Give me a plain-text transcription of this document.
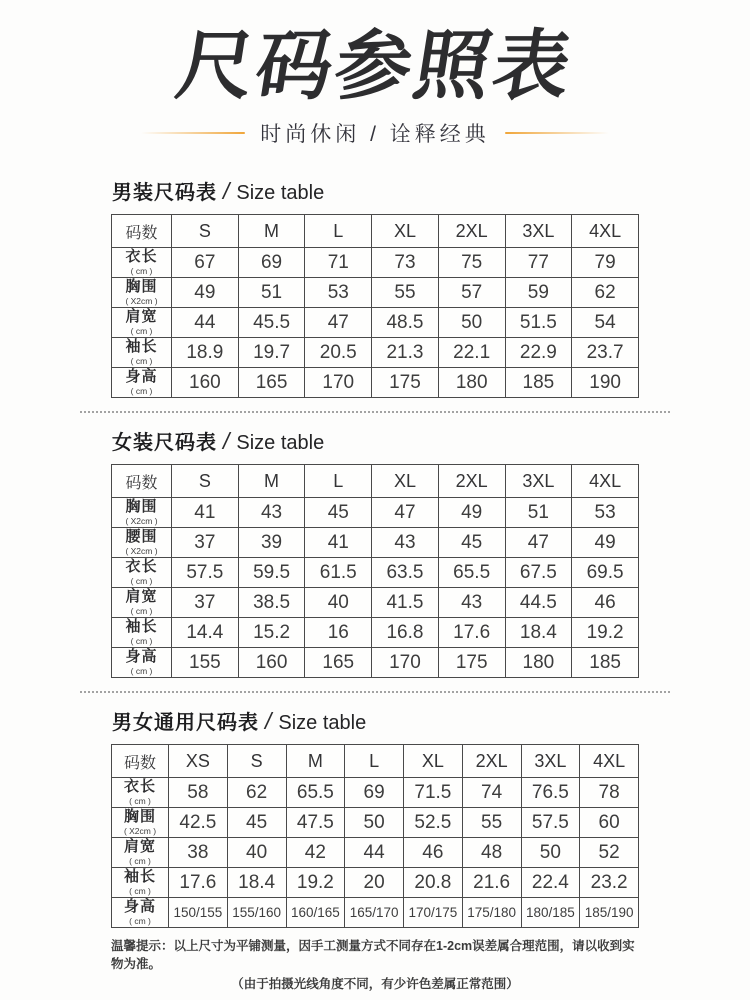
尺码参照表
时尚休闲 / 诠释经典
男装尺码表 / Size table
码数	S	M	L	XL	2XL	3XL	4XL

衣长
( cm )	67	69	71	73	75	77	79

胸围
( X2cm )	49	51	53	55	57	59	62

肩宽
( cm )	44	45.5	47	48.5	50	51.5	54

袖长
( cm )	18.9	19.7	20.5	21.3	22.1	22.9	23.7

身高
( cm )	160	165	170	175	180	185	190
女装尺码表 / Size table
码数	S	M	L	XL	2XL	3XL	4XL

胸围
( X2cm )	41	43	45	47	49	51	53

腰围
( X2cm )	37	39	41	43	45	47	49

衣长
( cm )	57.5	59.5	61.5	63.5	65.5	67.5	69.5

肩宽
( cm )	37	38.5	40	41.5	43	44.5	46

袖长
( cm )	14.4	15.2	16	16.8	17.6	18.4	19.2

身高
( cm )	155	160	165	170	175	180	185
男女通用尺码表 / Size table
码数	XS	S	M	L	XL	2XL	3XL	4XL

衣长
( cm )	58	62	65.5	69	71.5	74	76.5	78

胸围
( X2cm )	42.5	45	47.5	50	52.5	55	57.5	60

肩宽
( cm )	38	40	42	44	46	48	50	52

袖长
( cm )	17.6	18.4	19.2	20	20.8	21.6	22.4	23.2

身高
( cm )	150/155	155/160	160/165	165/170	170/175	175/180	180/185	185/190

温馨提示：以上尺寸为平铺测量，因手工测量方式不同存在1-2cm误差属合理范围，请以收到实物为准。

（由于拍摄光线角度不同，有少许色差属正常范围）
